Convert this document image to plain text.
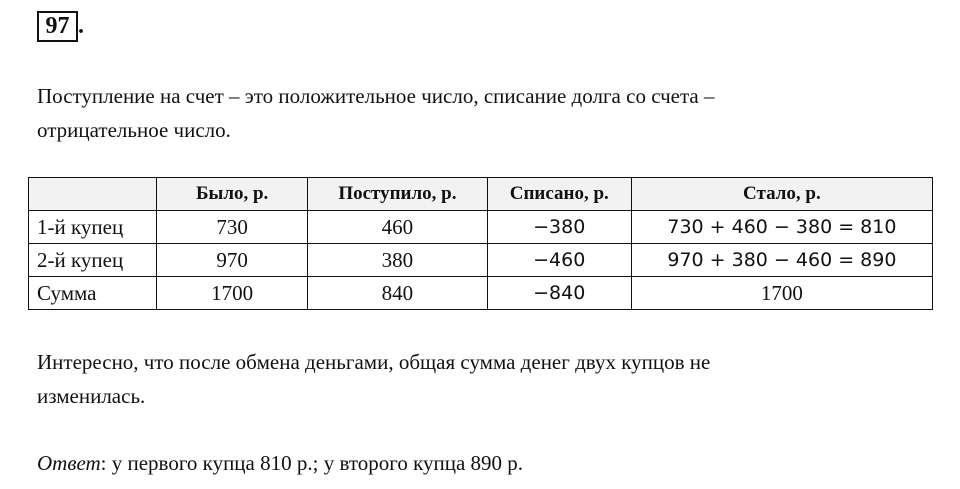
97 .
Поступление на счет – это положительное число, списание долга со счета –
отрицательное число.
	Было, р.	Поступило, р.	Списано, р.	Стало, р.
1-й купец	730	460	−380	730 + 460 − 380 = 810
2-й купец	970	380	−460	970 + 380 − 460 = 890
Сумма	1700	840	−840	1700
Интересно, что после обмена деньгами, общая сумма денег двух купцов не
изменилась.
Ответ: у первого купца 810 р.; у второго купца 890 р.
